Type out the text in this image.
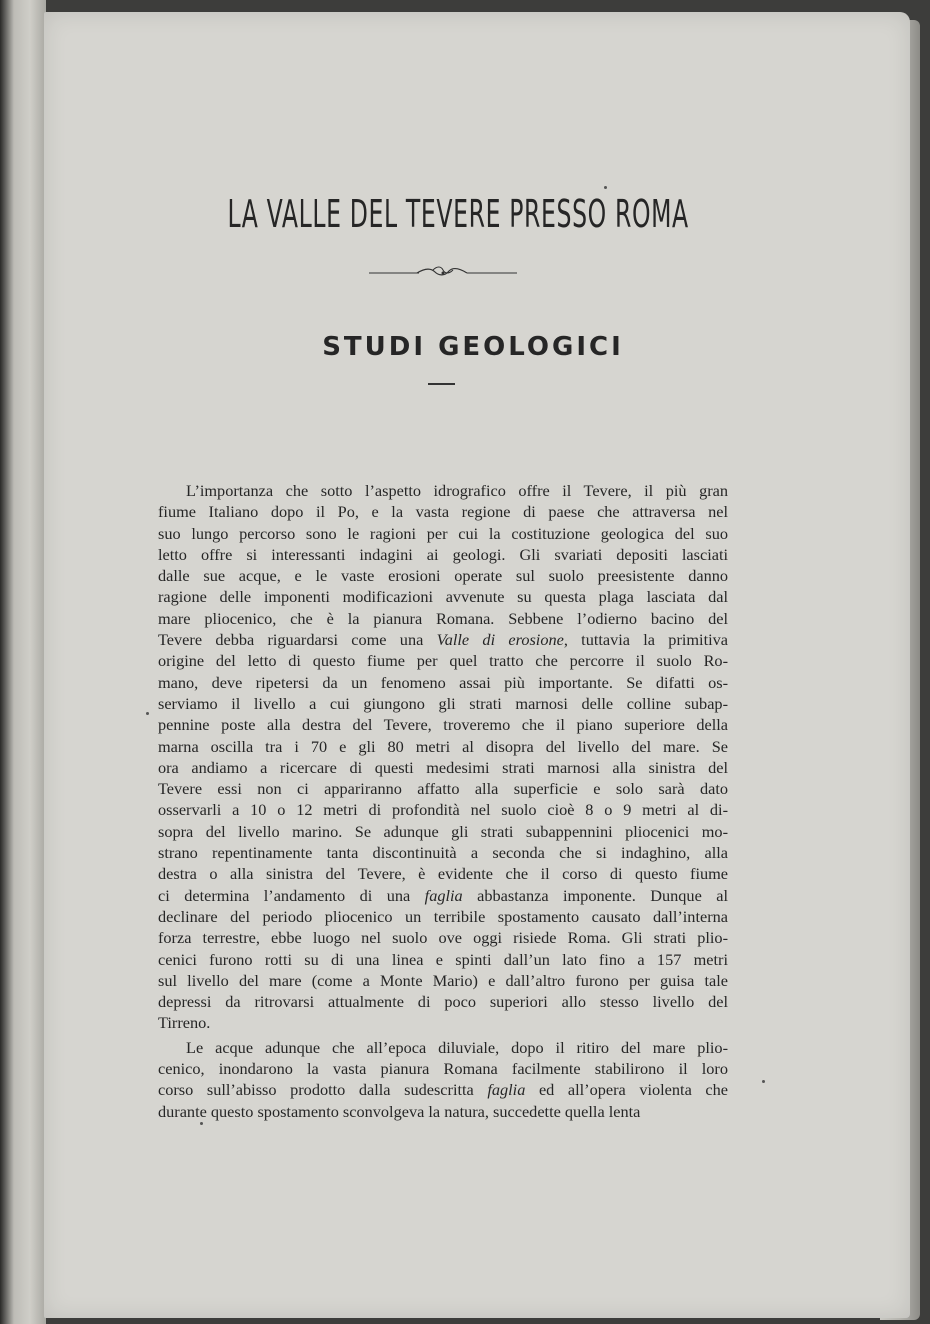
LA VALLE DEL TEVERE PRESSO ROMA
STUDI GEOLOGICI
L’importanza che sotto l’aspetto idrografico offre il Tevere, il più gran
fiume Italiano dopo il Po, e la vasta regione di paese che attraversa nel
suo lungo percorso sono le ragioni per cui la costituzione geologica del suo
letto offre si interessanti indagini ai geologi. Gli svariati depositi lasciati
dalle sue acque, e le vaste erosioni operate sul suolo preesistente danno
ragione delle imponenti modificazioni avvenute su questa plaga lasciata dal
mare pliocenico, che è la pianura Romana. Sebbene l’odierno bacino del
Tevere debba riguardarsi come una Valle di erosione, tuttavia la primitiva
origine del letto di questo fiume per quel tratto che percorre il suolo Ro-
mano, deve ripetersi da un fenomeno assai più importante. Se difatti os-
serviamo il livello a cui giungono gli strati marnosi delle colline subap-
pennine poste alla destra del Tevere, troveremo che il piano superiore della
marna oscilla tra i 70 e gli 80 metri al disopra del livello del mare. Se
ora andiamo a ricercare di questi medesimi strati marnosi alla sinistra del
Tevere essi non ci appariranno affatto alla superficie e solo sarà dato
osservarli a 10 o 12 metri di profondità nel suolo cioè 8 o 9 metri al di-
sopra del livello marino. Se adunque gli strati subappennini pliocenici mo-
strano repentinamente tanta discontinuità a seconda che si indaghino, alla
destra o alla sinistra del Tevere, è evidente che il corso di questo fiume
ci determina l’andamento di una faglia abbastanza imponente. Dunque al
declinare del periodo pliocenico un terribile spostamento causato dall’interna
forza terrestre, ebbe luogo nel suolo ove oggi risiede Roma. Gli strati plio-
cenici furono rotti su di una linea e spinti dall’un lato fino a 157 metri
sul livello del mare (come a Monte Mario) e dall’altro furono per guisa tale
depressi da ritrovarsi attualmente di poco superiori allo stesso livello del
Tirreno.
Le acque adunque che all’epoca diluviale, dopo il ritiro del mare plio-
cenico, inondarono la vasta pianura Romana facilmente stabilirono il loro
corso sull’abisso prodotto dalla sudescritta faglia ed all’opera violenta che
durante questo spostamento sconvolgeva la natura, succedette quella lenta
